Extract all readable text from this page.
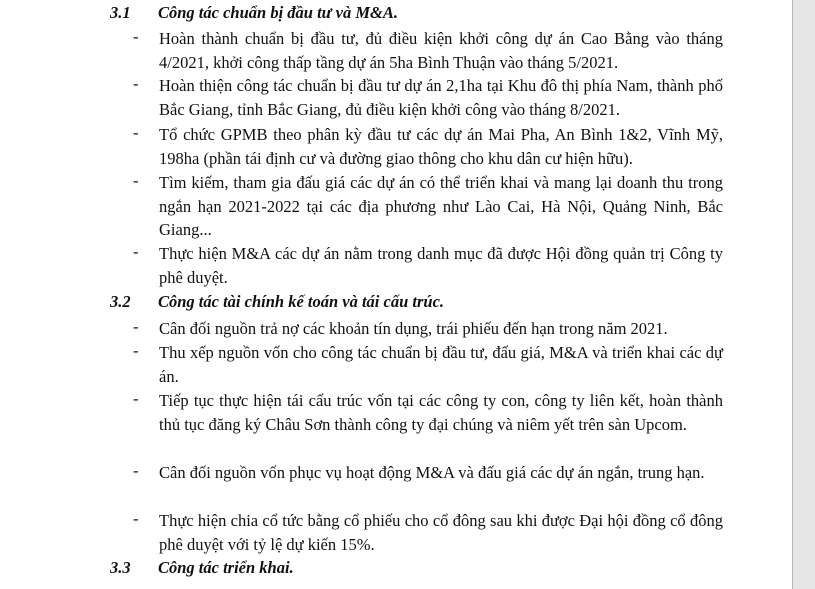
3.1 Công tác chuẩn bị đầu tư và M&A.
- Hoàn thành chuẩn bị đầu tư, đủ điều kiện khởi công dự án Cao Bằng vào tháng 4/2021, khởi công thấp tầng dự án 5ha Bình Thuận vào tháng 5/2021.
- Hoàn thiện công tác chuẩn bị đầu tư dự án 2,1ha tại Khu đô thị phía Nam, thành phố Bắc Giang, tỉnh Bắc Giang, đủ điều kiện khởi công vào tháng 8/2021.
- Tổ chức GPMB theo phân kỳ đầu tư các dự án Mai Pha, An Bình 1&2, Vĩnh Mỹ, 198ha (phần tái định cư và đường giao thông cho khu dân cư hiện hữu).
- Tìm kiếm, tham gia đấu giá các dự án có thể triển khai và mang lại doanh thu trong ngắn hạn 2021-2022 tại các địa phương như Lào Cai, Hà Nội, Quảng Ninh, Bắc Giang...
- Thực hiện M&A các dự án nằm trong danh mục đã được Hội đồng quản trị Công ty phê duyệt.
3.2 Công tác tài chính kế toán và tái cấu trúc.
- Cân đối nguồn trả nợ các khoản tín dụng, trái phiếu đến hạn trong năm 2021.
- Thu xếp nguồn vốn cho công tác chuẩn bị đầu tư, đấu giá, M&A và triển khai các dự án.
- Tiếp tục thực hiện tái cấu trúc vốn tại các công ty con, công ty liên kết, hoàn thành thủ tục đăng ký Châu Sơn thành công ty đại chúng và niêm yết trên sàn Upcom.
- Cân đối nguồn vốn phục vụ hoạt động M&A và đấu giá các dự án ngắn, trung hạn.
- Thực hiện chia cổ tức bằng cổ phiếu cho cổ đông sau khi được Đại hội đồng cổ đông phê duyệt với tỷ lệ dự kiến 15%.
3.3 Công tác triển khai.
